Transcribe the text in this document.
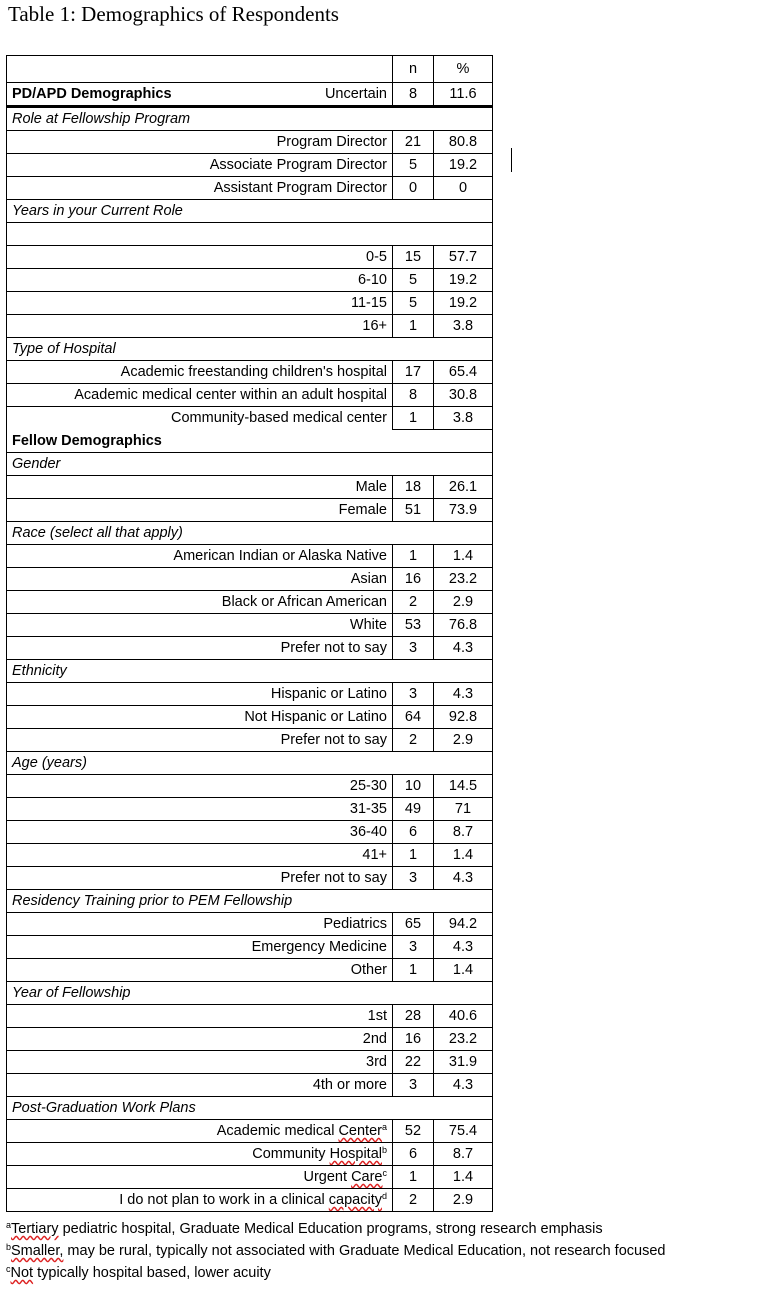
Table 1: Demographics of Respondents
	n	%

PD/APD Demographics Uncertain	8	11.6
Role at Fellowship Program		
Program Director	21	80.8
Associate Program Director	5	19.2
Assistant Program Director	0	0
Years in your Current Role		

0-5	15	57.7
6-10	5	19.2
11-15	5	19.2
16+	1	3.8
Type of Hospital		
Academic freestanding children's hospital	17	65.4
Academic medical center within an adult hospital	8	30.8
Community-based medical center	1	3.8
Fellow Demographics		
Gender		
Male	18	26.1
Female	51	73.9
Race (select all that apply)		
American Indian or Alaska Native	1	1.4
Asian	16	23.2
Black or African American	2	2.9
White	53	76.8
Prefer not to say	3	4.3
Ethnicity		
Hispanic or Latino	3	4.3
Not Hispanic or Latino	64	92.8
Prefer not to say	2	2.9
Age (years)		
25-30	10	14.5
31-35	49	71
36-40	6	8.7
41+	1	1.4
Prefer not to say	3	4.3
Residency Training prior to PEM Fellowship		
Pediatrics	65	94.2
Emergency Medicine	3	4.3
Other	1	1.4
Year of Fellowship		
1st	28	40.6
2nd	16	23.2
3rd	22	31.9
4th or more	3	4.3
Post-Graduation Work Plans		
Academic medical Center$^a$	52	75.4
Community Hospital$^b$	6	8.7
Urgent Care$^c$	1	1.4
I do not plan to work in a clinical capacity$^d$	2	2.9
$^a$Tertiary pediatric hospital, Graduate Medical Education programs, strong research emphasis
$^b$Smaller, may be rural, typically not associated with Graduate Medical Education, not research focused
$^c$Not typically hospital based, lower acuity
